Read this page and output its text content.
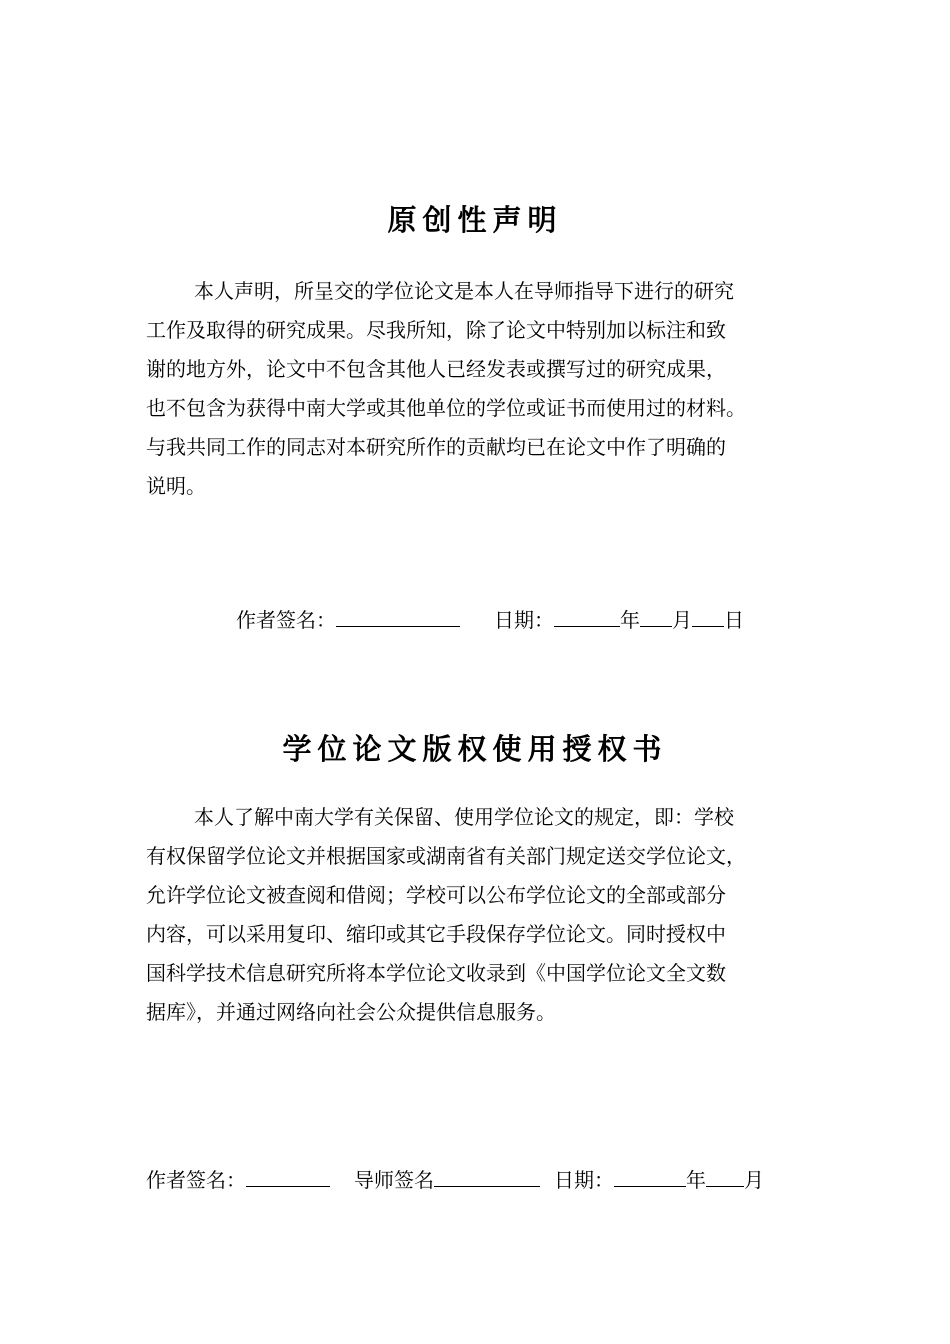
原创性声明
本人声明，所呈交的学位论文是本人在导师指导下进行的研究
工作及取得的研究成果。尽我所知，除了论文中特别加以标注和致
谢的地方外，论文中不包含其他人已经发表或撰写过的研究成果，
也不包含为获得中南大学或其他单位的学位或证书而使用过的材料。
与我共同工作的同志对本研究所作的贡献均已在论文中作了明确的
说明。
作者签名：	日期：	年 月 日
学位论文版权使用授权书
本人了解中南大学有关保留、使用学位论文的规定，即：学校
有权保留学位论文并根据国家或湖南省有关部门规定送交学位论文，
允许学位论文被查阅和借阅；学校可以公布学位论文的全部或部分
内容，可以采用复印、缩印或其它手段保存学位论文。同时授权中
国科学技术信息研究所将本学位论文收录到《中国学位论文全文数
据库》，并通过网络向社会公众提供信息服务。
作者签名：	导师签名	日期：	年 月
